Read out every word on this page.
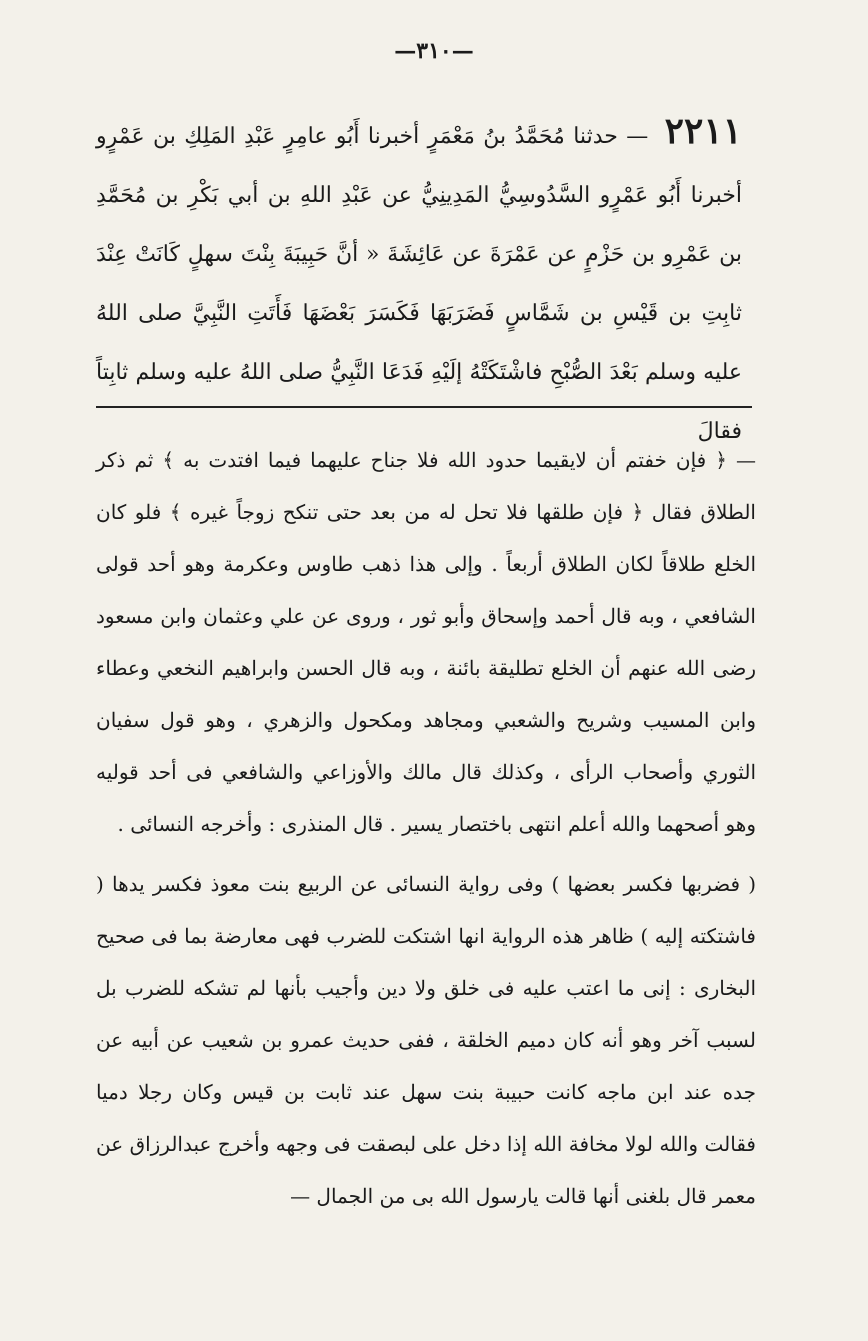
—٣١٠—
٢٢١١ — حدثنا مُحَمَّدُ بنُ مَعْمَرٍ أخبرنا أَبُو عامِرٍ عَبْدِ المَلِكِ بن عَمْرٍو أخبرنا أَبُو عَمْرٍو السَّدُوسِيُّ المَدِينِيُّ عن عَبْدِ اللهِ بن أبي بَكْرِ بن مُحَمَّدِ بن عَمْرِو بن حَزْمٍ عن عَمْرَةَ عن عَائِشَةَ « أنَّ حَبِيبَةَ بِنْتَ سهلٍ كَانَتْ عِنْدَ ثابِتِ بن قَيْسِ بن شَمَّاسٍ فَضَرَبَهَا فَكَسَرَ بَعْضَهَا فَأَتَتِ النَّبِيَّ صلى اللهُ عليه وسلم بَعْدَ الصُّبْحِ فاشْتَكَتْهُ إلَيْهِ فَدَعَا النَّبِيُّ صلى اللهُ عليه وسلم ثابِتاً فقالَ

— ﴿ فإن خفتم أن لايقيما حدود الله فلا جناح عليهما فيما افتدت به ﴾ ثم ذكر الطلاق فقال ﴿ فإن طلقها فلا تحل له من بعد حتى تنكح زوجاً غيره ﴾ فلو كان الخلع طلاقاً لكان الطلاق أربعاً . وإلى هذا ذهب طاوس وعكرمة وهو أحد قولى الشافعي ، وبه قال أحمد وإسحاق وأبو ثور ، وروى عن علي وعثمان وابن مسعود رضى الله عنهم أن الخلع تطليقة بائنة ، وبه قال الحسن وابراهيم النخعي وعطاء وابن المسيب وشريح والشعبي ومجاهد ومكحول والزهري ، وهو قول سفيان الثوري وأصحاب الرأى ، وكذلك قال مالك والأوزاعي والشافعي فى أحد قوليه وهو أصحهما والله أعلم انتهى باختصار يسير . قال المنذرى : وأخرجه النسائى .

( فضربها فكسر بعضها ) وفى رواية النسائى عن الربيع بنت معوذ فكسر يدها ( فاشتكته إليه ) ظاهر هذه الرواية انها اشتكت للضرب فهى معارضة بما فى صحيح البخارى : إنى ما اعتب عليه فى خلق ولا دين وأجيب بأنها لم تشكه للضرب بل لسبب آخر وهو أنه كان دميم الخلقة ، ففى حديث عمرو بن شعيب عن أبيه عن جده عند ابن ماجه كانت حبيبة بنت سهل عند ثابت بن قيس وكان رجلا دميا فقالت والله لولا مخافة الله إذا دخل على لبصقت فى وجهه وأخرج عبدالرزاق عن معمر قال بلغنى أنها قالت يارسول الله بى من الجمال —
